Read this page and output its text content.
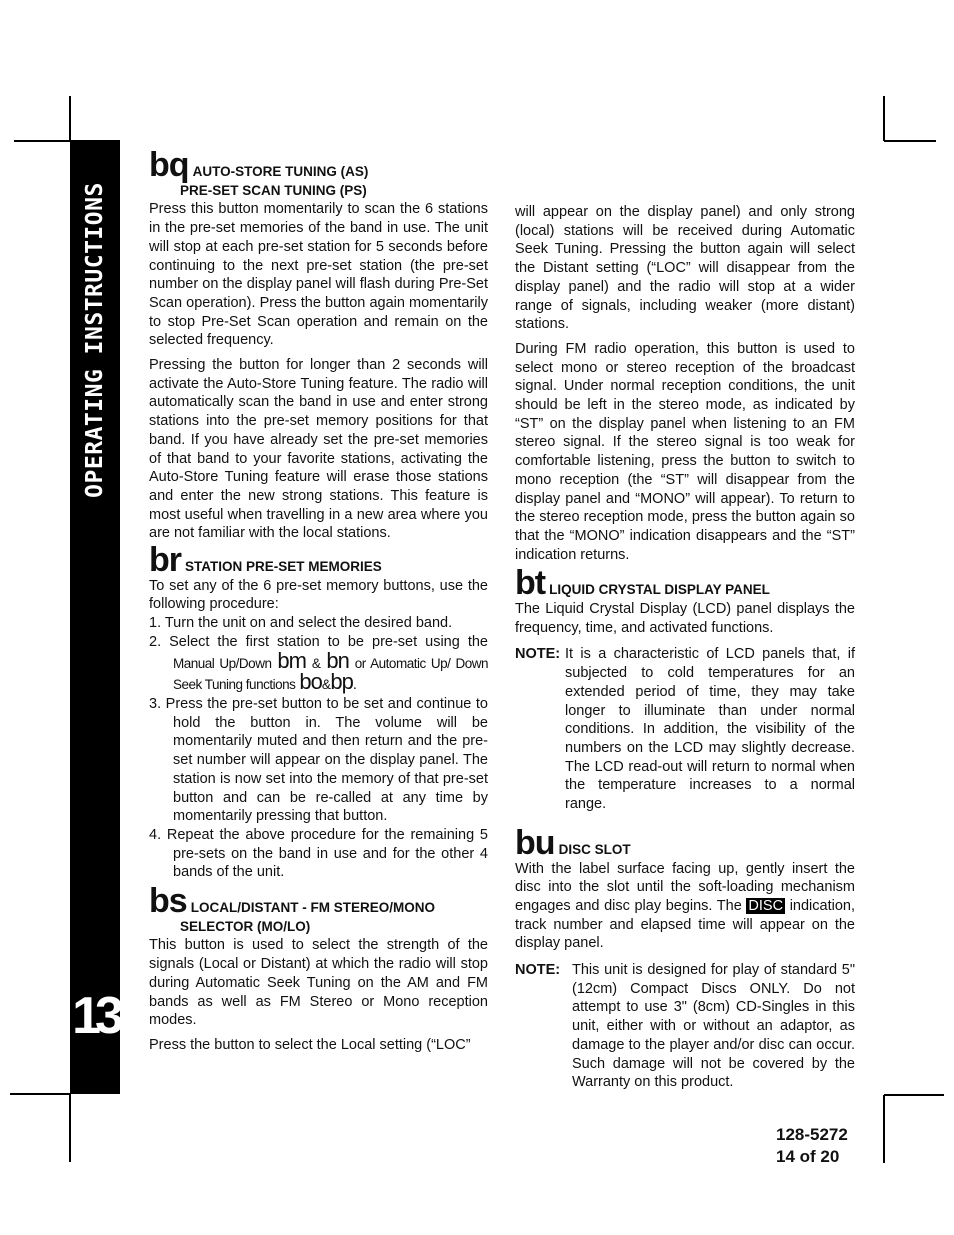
OPERATING INSTRUCTIONS
13
bq AUTO-STORE TUNING (AS)
PRE-SET SCAN TUNING (PS)

Press this button momentarily to scan the 6 stations in the pre-set memories of the band in use. The unit will stop at each pre-set station for 5 seconds before continuing to the next pre-set station (the pre-set number on the display panel will flash during Pre-Set Scan operation). Press the button again momentarily to stop Pre-Set Scan operation and remain on the selected frequency.

Pressing the button for longer than 2 seconds will activate the Auto-Store Tuning feature. The radio will automatically scan the band in use and enter strong stations into the pre-set memory positions for that band. If you have already set the pre-set memories of that band to your favorite stations, activating the Auto-Store Tuning feature will erase those stations and enter the new strong stations. This feature is most useful when travelling in a new area where you are not familiar with the local stations.

br STATION PRE-SET MEMORIES

To set any of the 6 pre-set memory buttons, use the following procedure:

1. Turn the unit on and select the desired band.
2. Select the first station to be pre-set using the Manual Up/Down bm & bn or Automatic Up/ Down Seek Tuning functions bo&bp.
3. Press the pre-set button to be set and continue to hold the button in. The volume will be momentarily muted and then return and the pre-set number will appear on the display panel. The station is now set into the memory of that pre-set button and can be re-called at any time by momentarily pressing that button.
4. Repeat the above procedure for the remaining 5 pre-sets on the band in use and for the other 4 bands of the unit.
bs LOCAL/DISTANT - FM STEREO/MONO
SELECTOR (MO/LO)

This button is used to select the strength of the signals (Local or Distant) at which the radio will stop during Automatic Seek Tuning on the AM and FM bands as well as FM Stereo or Mono reception modes.

Press the button to select the Local setting (“LOC”

will appear on the display panel) and only strong (local) stations will be received during Automatic Seek Tuning. Pressing the button again will select the Distant setting (“LOC” will disappear from the display panel) and the radio will stop at a wider range of signals, including weaker (more distant) stations.

During FM radio operation, this button is used to select mono or stereo reception of the broadcast signal. Under normal reception conditions, the unit should be left in the stereo mode, as indicated by “ST” on the display panel when listening to an FM stereo signal. If the stereo signal is too weak for comfortable listening, press the button to switch to mono reception (the “ST” will disappear from the display panel and “MONO” will appear). To return to the stereo reception mode, press the button again so that the “MONO” indication disappears and the “ST” indication returns.

bt LIQUID CRYSTAL DISPLAY PANEL

The Liquid Crystal Display (LCD) panel displays the frequency, time, and activated functions.

NOTE: It is a characteristic of LCD panels that, if subjected to cold temperatures for an extended period of time, they may take longer to illuminate than under normal conditions. In addition, the visibility of the numbers on the LCD may slightly decrease. The LCD read-out will return to normal when the temperature increases to a normal range.
bu DISC SLOT

With the label surface facing up, gently insert the disc into the slot until the soft-loading mechanism engages and disc play begins. The DISC indication, track number and elapsed time will appear on the display panel.

NOTE: This unit is designed for play of standard 5" (12cm) Compact Discs ONLY. Do not attempt to use 3" (8cm) CD-Singles in this unit, either with or without an adaptor, as damage to the player and/or disc can occur. Such damage will not be covered by the Warranty on this product.
128-5272
14 of 20
